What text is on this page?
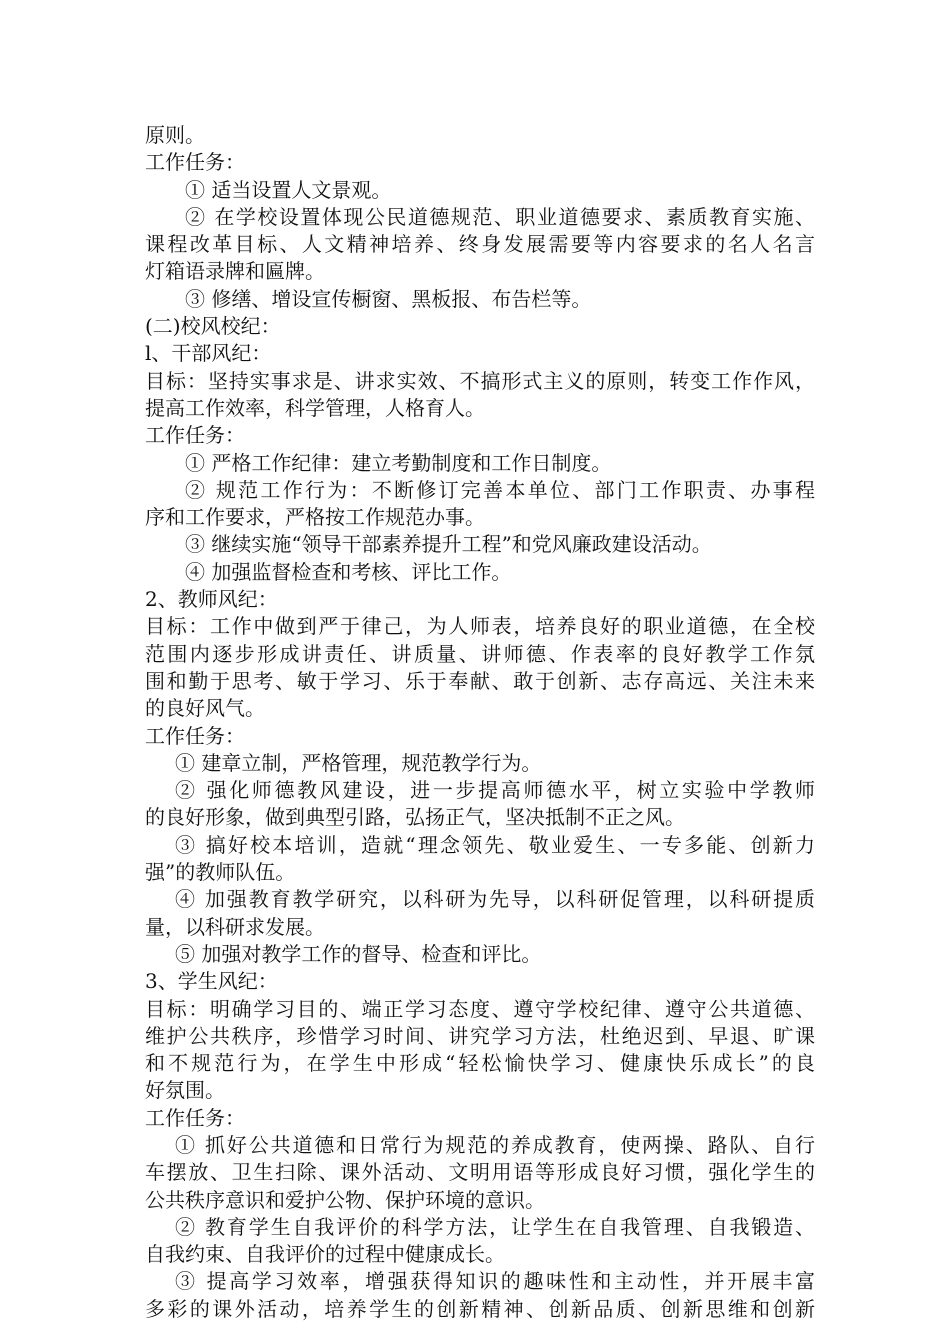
原则。
工作任务：
① 适当设置人文景观。
② 在学校设置体现公民道德规范、职业道德要求、素质教育实施、
课程改革目标、人文精神培养、终身发展需要等内容要求的名人名言
灯箱语录牌和匾牌。
③ 修缮、增设宣传橱窗、黑板报、布告栏等。
(二)校风校纪：
l、干部风纪：
目标：坚持实事求是、讲求实效、不搞形式主义的原则，转变工作作风，
提高工作效率，科学管理，人格育人。
工作任务：
① 严格工作纪律：建立考勤制度和工作日制度。
② 规范工作行为：不断修订完善本单位、部门工作职责、办事程
序和工作要求，严格按工作规范办事。
③ 继续实施“领导干部素养提升工程”和党风廉政建设活动。
④ 加强监督检查和考核、评比工作。
2、教师风纪：
目标：工作中做到严于律己，为人师表，培养良好的职业道德，在全校
范围内逐步形成讲责任、讲质量、讲师德、作表率的良好教学工作氛
围和勤于思考、敏于学习、乐于奉献、敢于创新、志存高远、关注未来
的良好风气。
工作任务：
① 建章立制，严格管理，规范教学行为。
② 强化师德教风建设，进一步提高师德水平，树立实验中学教师
的良好形象，做到典型引路，弘扬正气，坚决抵制不正之风。
③ 搞好校本培训，造就“理念领先、敬业爱生、一专多能、创新力
强”的教师队伍。
④ 加强教育教学研究，以科研为先导，以科研促管理，以科研提质
量，以科研求发展。
⑤ 加强对教学工作的督导、检查和评比。
3、学生风纪：
目标：明确学习目的、端正学习态度、遵守学校纪律、遵守公共道德、
维护公共秩序，珍惜学习时间、讲究学习方法，杜绝迟到、早退、旷课
和不规范行为，在学生中形成“轻松愉快学习、健康快乐成长”的良
好氛围。
工作任务：
① 抓好公共道德和日常行为规范的养成教育，使两操、路队、自行
车摆放、卫生扫除、课外活动、文明用语等形成良好习惯，强化学生的
公共秩序意识和爱护公物、保护环境的意识。
② 教育学生自我评价的科学方法，让学生在自我管理、自我锻造、
自我约束、自我评价的过程中健康成长。
③ 提高学习效率，增强获得知识的趣味性和主动性，并开展丰富
多彩的课外活动，培养学生的创新精神、创新品质、创新思维和创新
